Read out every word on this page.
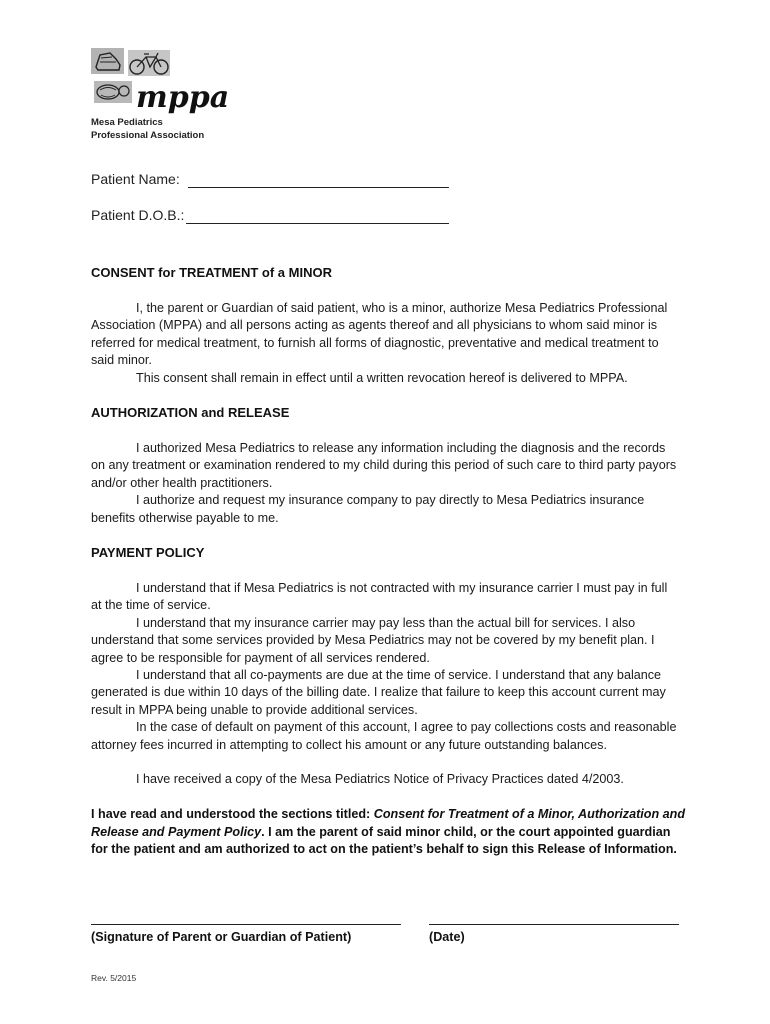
mppa
Mesa Pediatrics
Professional Association
Patient Name:
Patient D.O.B.:
CONSENT for TREATMENT of a MINOR

I, the parent or Guardian of said patient, who is a minor, authorize Mesa Pediatrics Professional Association (MPPA) and all persons acting as agents thereof and all physicians to whom said minor is referred for medical treatment, to furnish all forms of diagnostic, preventative and medical treatment to said minor.

This consent shall remain in effect until a written revocation hereof is delivered to MPPA.

AUTHORIZATION and RELEASE

I authorized Mesa Pediatrics to release any information including the diagnosis and the records on any treatment or examination rendered to my child during this period of such care to third party payors and/or other health practitioners.

I authorize and request my insurance company to pay directly to Mesa Pediatrics insurance benefits otherwise payable to me.

PAYMENT POLICY

I understand that if Mesa Pediatrics is not contracted with my insurance carrier I must pay in full at the time of service.

I understand that my insurance carrier may pay less than the actual bill for services. I also understand that some services provided by Mesa Pediatrics may not be covered by my benefit plan. I agree to be responsible for payment of all services rendered.

I understand that all co-payments are due at the time of service. I understand that any balance generated is due within 10 days of the billing date. I realize that failure to keep this account current may result in MPPA being unable to provide additional services.

In the case of default on payment of this account, I agree to pay collections costs and reasonable attorney fees incurred in attempting to collect his amount or any future outstanding balances.

I have received a copy of the Mesa Pediatrics Notice of Privacy Practices dated 4/2003.

I have read and understood the sections titled: Consent for Treatment of a Minor, Authorization and Release and Payment Policy. I am the parent of said minor child, or the court appointed guardian for the patient and am authorized to act on the patient’s behalf to sign this Release of Information.
(Signature of Parent or Guardian of Patient)	(Date)
Rev. 5/2015
